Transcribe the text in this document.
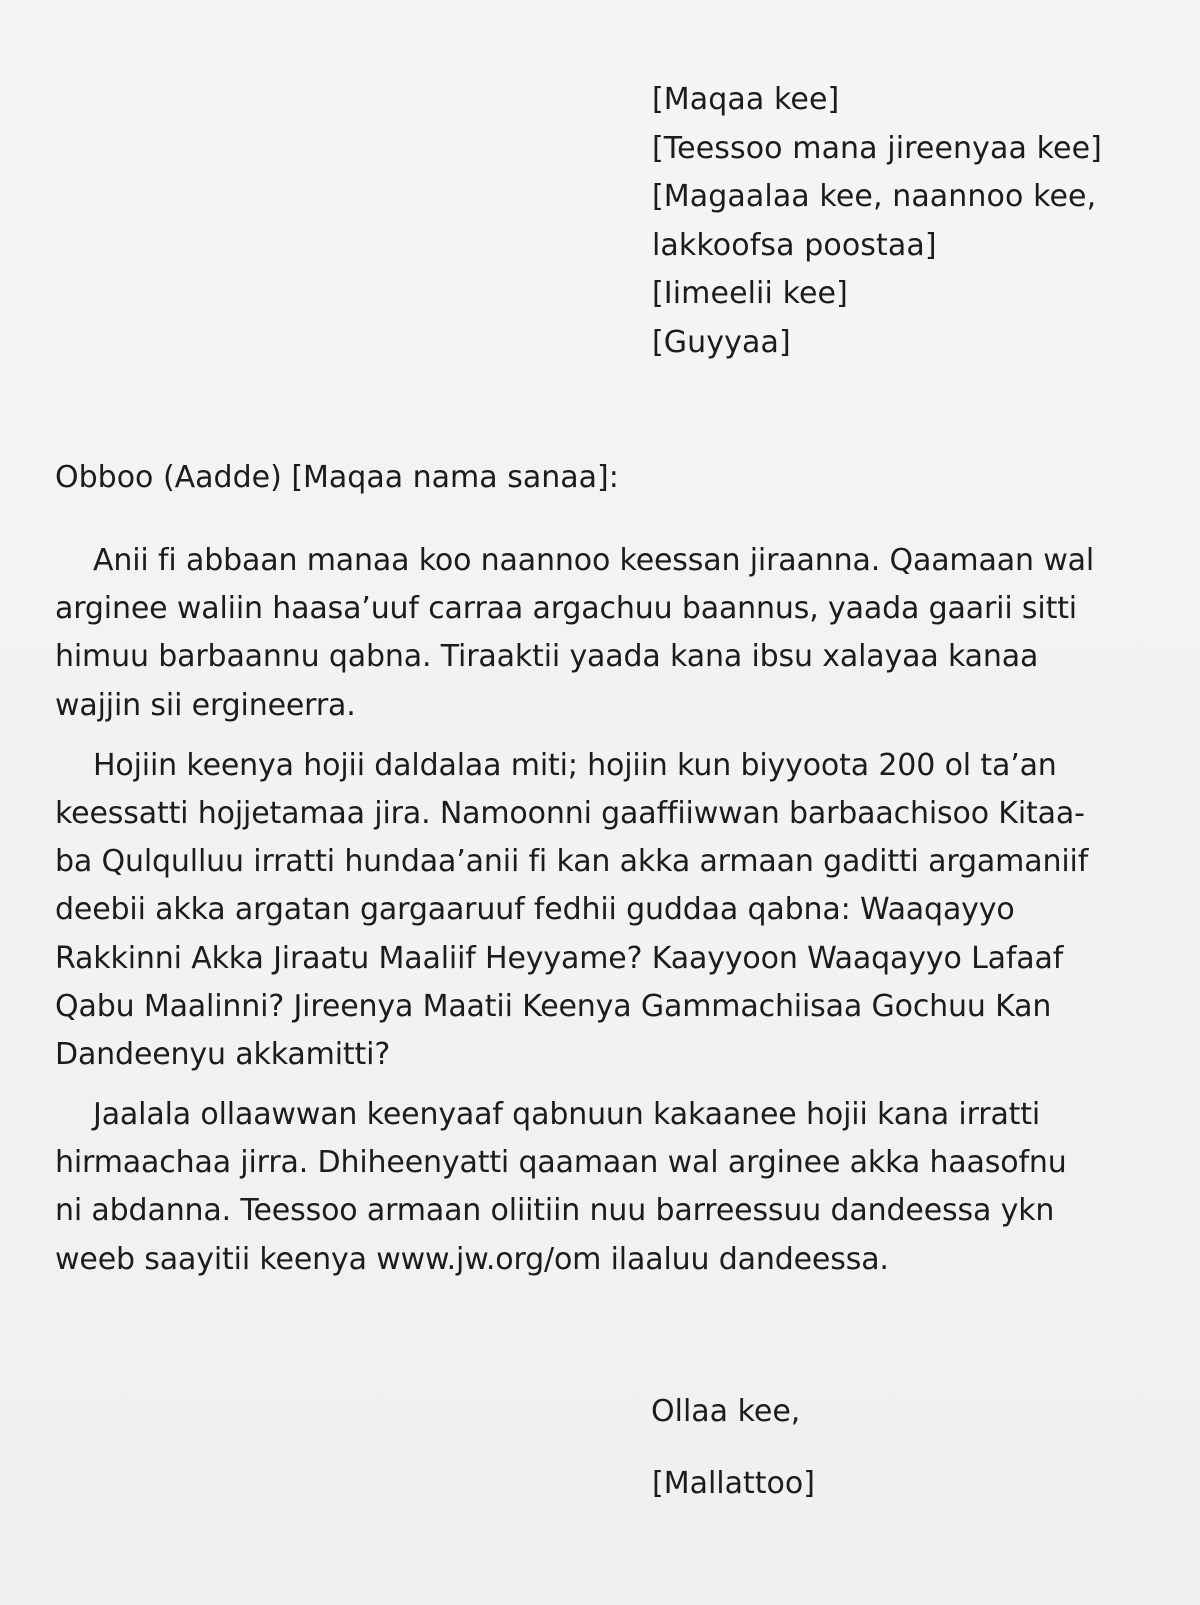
[Maqaa kee]
[Teessoo mana jireenyaa kee]
[Magaalaa kee, naannoo kee,
lakkoofsa poostaa]
[Iimeelii kee]
[Guyyaa]
Obboo (Aadde) [Maqaa nama sanaa]:
Anii fi abbaan manaa koo naannoo keessan jiraanna. Qaamaan wal
arginee waliin haasa’uuf carraa argachuu baannus, yaada gaarii sitti
himuu barbaannu qabna. Tiraaktii yaada kana ibsu xalayaa kanaa
wajjin sii ergineerra.
Hojiin keenya hojii daldalaa miti; hojiin kun biyyoota 200 ol ta’an
keessatti hojjetamaa jira. Namoonni gaaffiiwwan barbaachisoo Kitaa-
ba Qulqulluu irratti hundaa’anii fi kan akka armaan gaditti argamaniif
deebii akka argatan gargaaruuf fedhii guddaa qabna: Waaqayyo
Rakkinni Akka Jiraatu Maaliif Heyyame? Kaayyoon Waaqayyo Lafaaf
Qabu Maalinni? Jireenya Maatii Keenya Gammachiisaa Gochuu Kan
Dandeenyu akkamitti?
Jaalala ollaawwan keenyaaf qabnuun kakaanee hojii kana irratti
hirmaachaa jirra. Dhiheenyatti qaamaan wal arginee akka haasofnu
ni abdanna. Teessoo armaan oliitiin nuu barreessuu dandeessa ykn
weeb saayitii keenya www.jw.org/om ilaaluu dandeessa.
Ollaa kee,
[Mallattoo]
